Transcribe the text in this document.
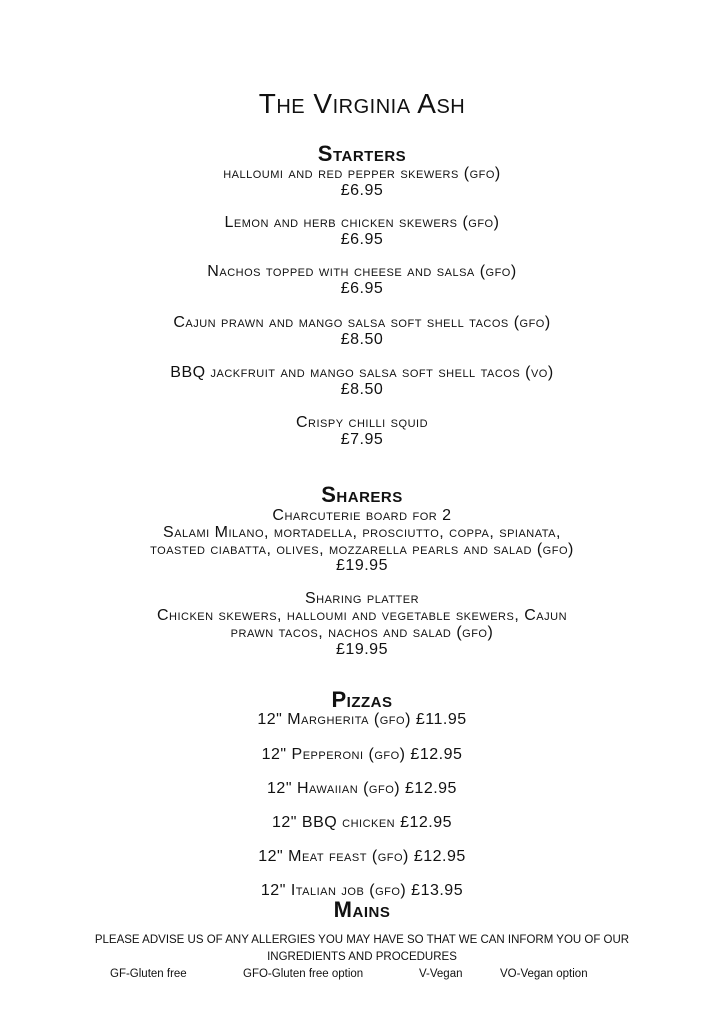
The Virginia Ash
Starters

halloumi and red pepper skewers (gfo)

£6.95

Lemon and herb chicken skewers (gfo)

£6.95

Nachos topped with cheese and salsa (gfo)

£6.95

Cajun prawn and mango salsa soft shell tacos (gfo)

£8.50

BBQ jackfruit and mango salsa soft shell tacos (vo)

£8.50

Crispy chilli squid

£7.95

Sharers

Charcuterie board for 2

Salami Milano, mortadella, prosciutto, coppa, spianata,

toasted ciabatta, olives, mozzarella pearls and salad (gfo)

£19.95

Sharing platter

Chicken skewers, halloumi and vegetable skewers, Cajun

prawn tacos, nachos and salad (gfo)

£19.95

Pizzas

12" Margherita (gfo) £11.95

12" Pepperoni (gfo) £12.95

12" Hawaiian (gfo) £12.95

12" BBQ chicken £12.95

12" Meat feast (gfo) £12.95

12" Italian job (gfo) £13.95

Mains
PLEASE ADVISE US OF ANY ALLERGIES YOU MAY HAVE SO THAT WE CAN INFORM YOU OF OUR
INGREDIENTS AND PROCEDURES
GF-Gluten free	GFO-Gluten free option	V-Vegan	VO-Vegan option
